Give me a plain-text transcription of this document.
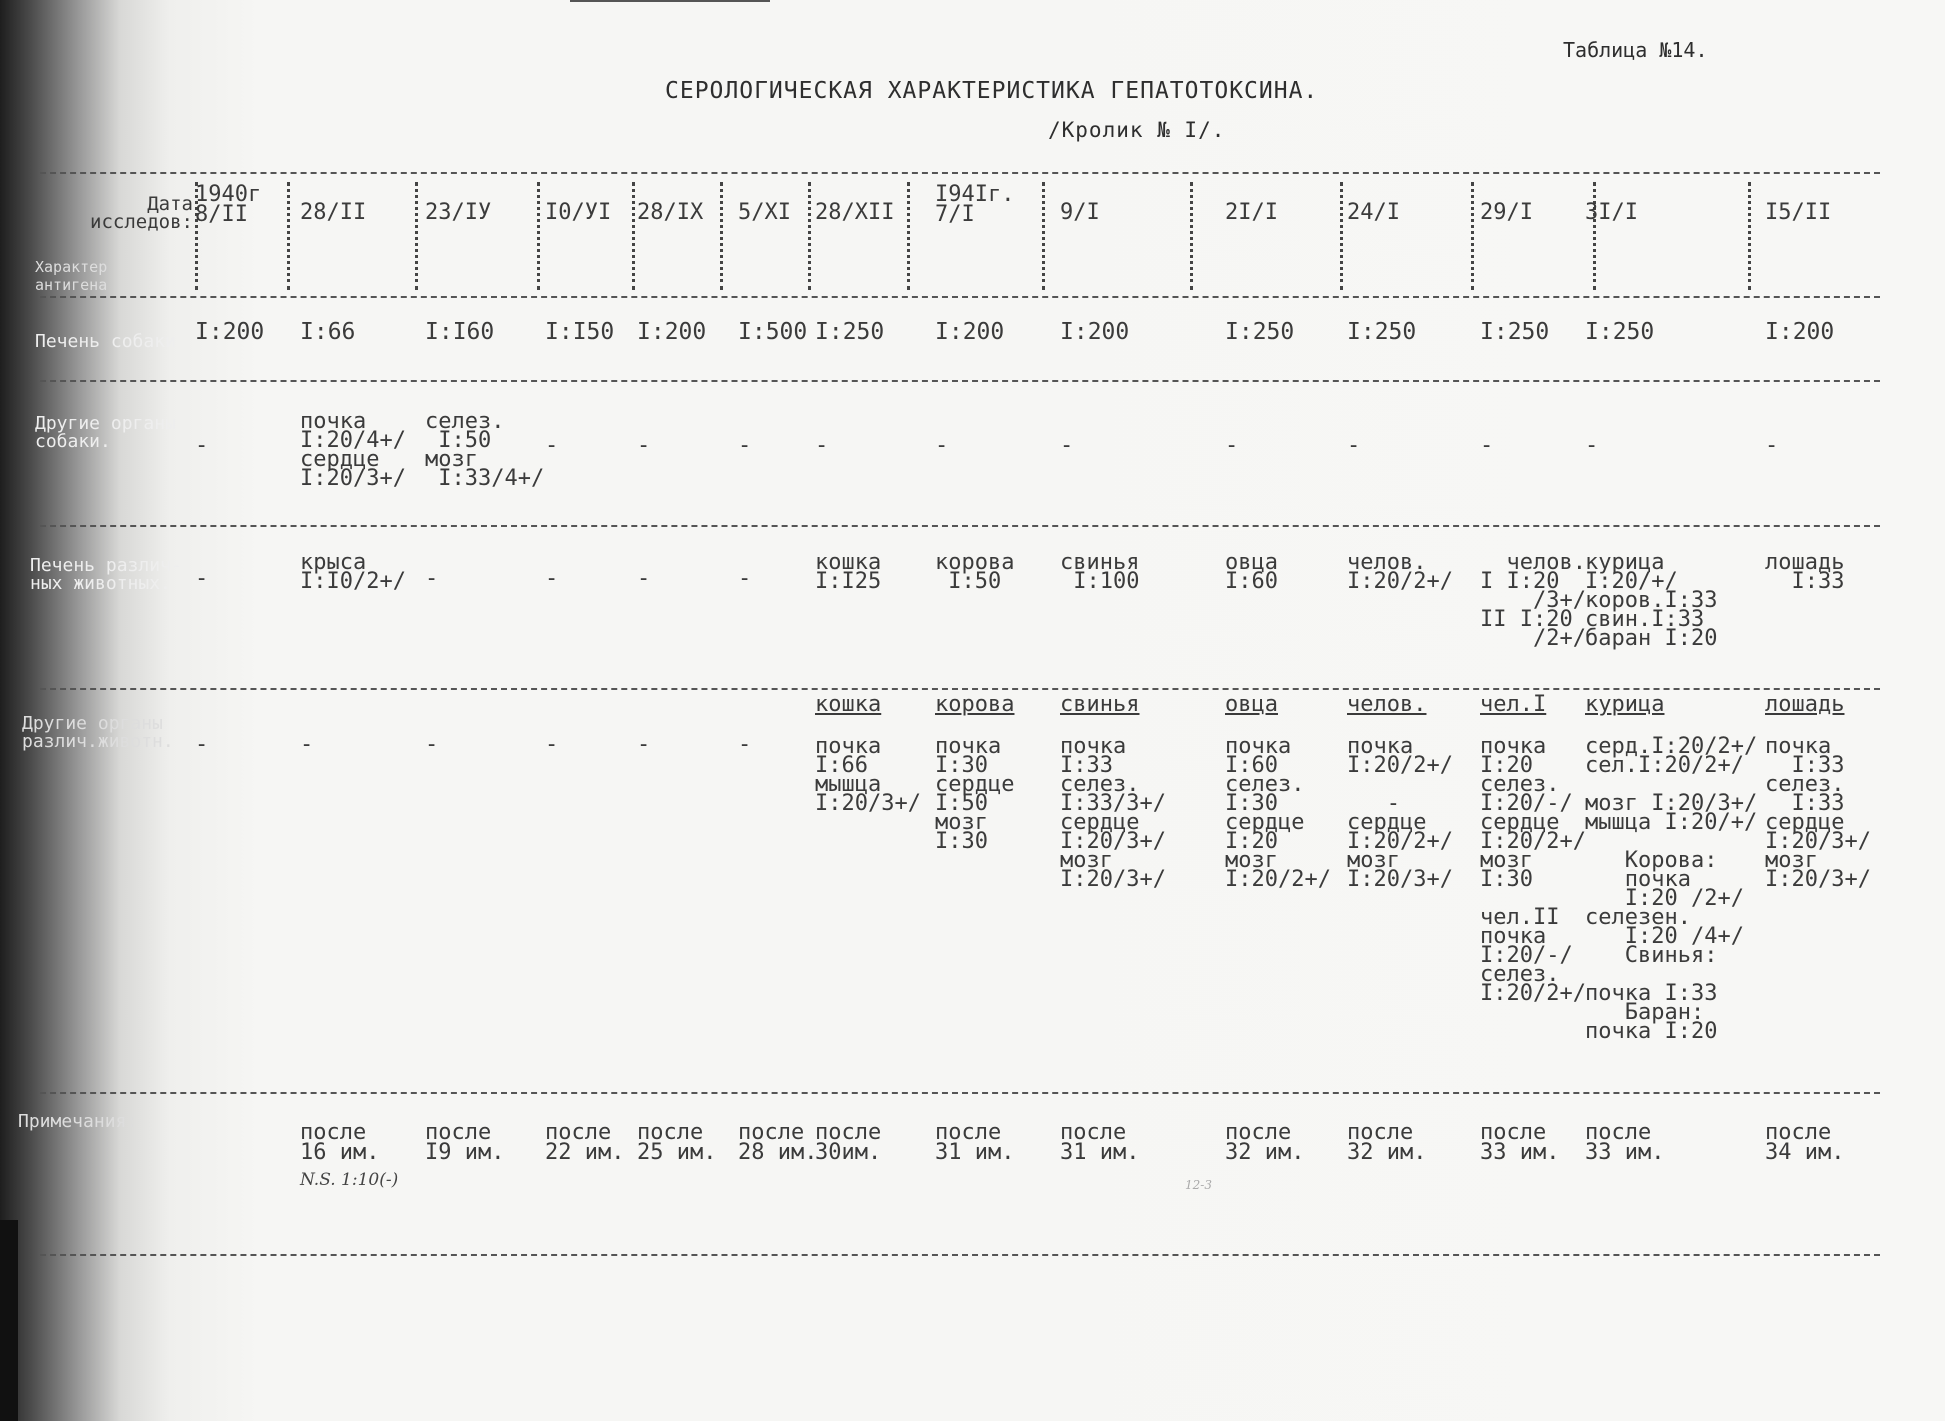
Таблица №14.
СЕРОЛОГИЧЕСКАЯ ХАРАКТЕРИСТИКА ГЕПАТОТОКСИНА.
/Кролик № I/.
Дата
исследов:
Характер
антигена
Печень собаки
Другие органы
собаки.
Печень различ-
ных животных.
Другие органы
различ.животн.
Примечания:
1940г
8/II
I:200
-
-
-
28/II
I:66
почка
I:20/4+/
сердце
I:20/3+/
крыса
I:I0/2+/
-
после
16 им.
N.S. 1:10(-)
23/IУ
I:I60
селез.
I:50
мозг
I:33/4+/
-
-
после
I9 им.
I0/УI
I:I50
-
-
-
после
22 им.
28/IX
I:200
-
-
-
после
25 им.
5/XI
I:500
-
-
-
после
28 им.
28/XII
I:250
-
кошка
I:I25
кошка
почка
I:66
мышца
I:20/3+/
после
30им.
I94Iг.
7/I
I:200
-
корова
I:50
корова
почка
I:30
сердце
I:50
мозг
I:30
после
31 им.
9/I
I:200
-
свинья
I:100
свинья
почка
I:33
селез.
I:33/3+/
сердце
I:20/3+/
мозг
I:20/3+/
после
31 им.
2I/I
I:250
-
овца
I:60
овца
почка
I:60
селез.
I:30
сердце
I:20
мозг
I:20/2+/
после
32 им.
24/I
I:250
-
челов.
I:20/2+/
челов.
почка
I:20/2+/

-
сердце
I:20/2+/
мозг
I:20/3+/
после
32 им.
29/I
I:250
-
челов.
I I:20
/3+/
II I:20
/2+/
чел.I
почка
I:20
селез.
I:20/-/
сердце
I:20/2+/
мозг
I:30

чел.II
почка
I:20/-/
селез.
I:20/2+/
после
33 им.
3I/I
I:250
-
курица
I:20/+/
коров.I:33
свин.I:33
баран I:20
курица
серд.I:20/2+/
сел.I:20/2+/

мозг I:20/3+/
мышца I:20/+/

Корова:
почка
I:20 /2+/
селезен.
I:20 /4+/
Свинья:

почка I:33
Баран:
почка I:20
после
33 им.
I5/II
I:200
-
лошадь
I:33
лошадь
почка
I:33
селез.
I:33
сердце
I:20/3+/
мозг
I:20/3+/
после
34 им.
12-3
